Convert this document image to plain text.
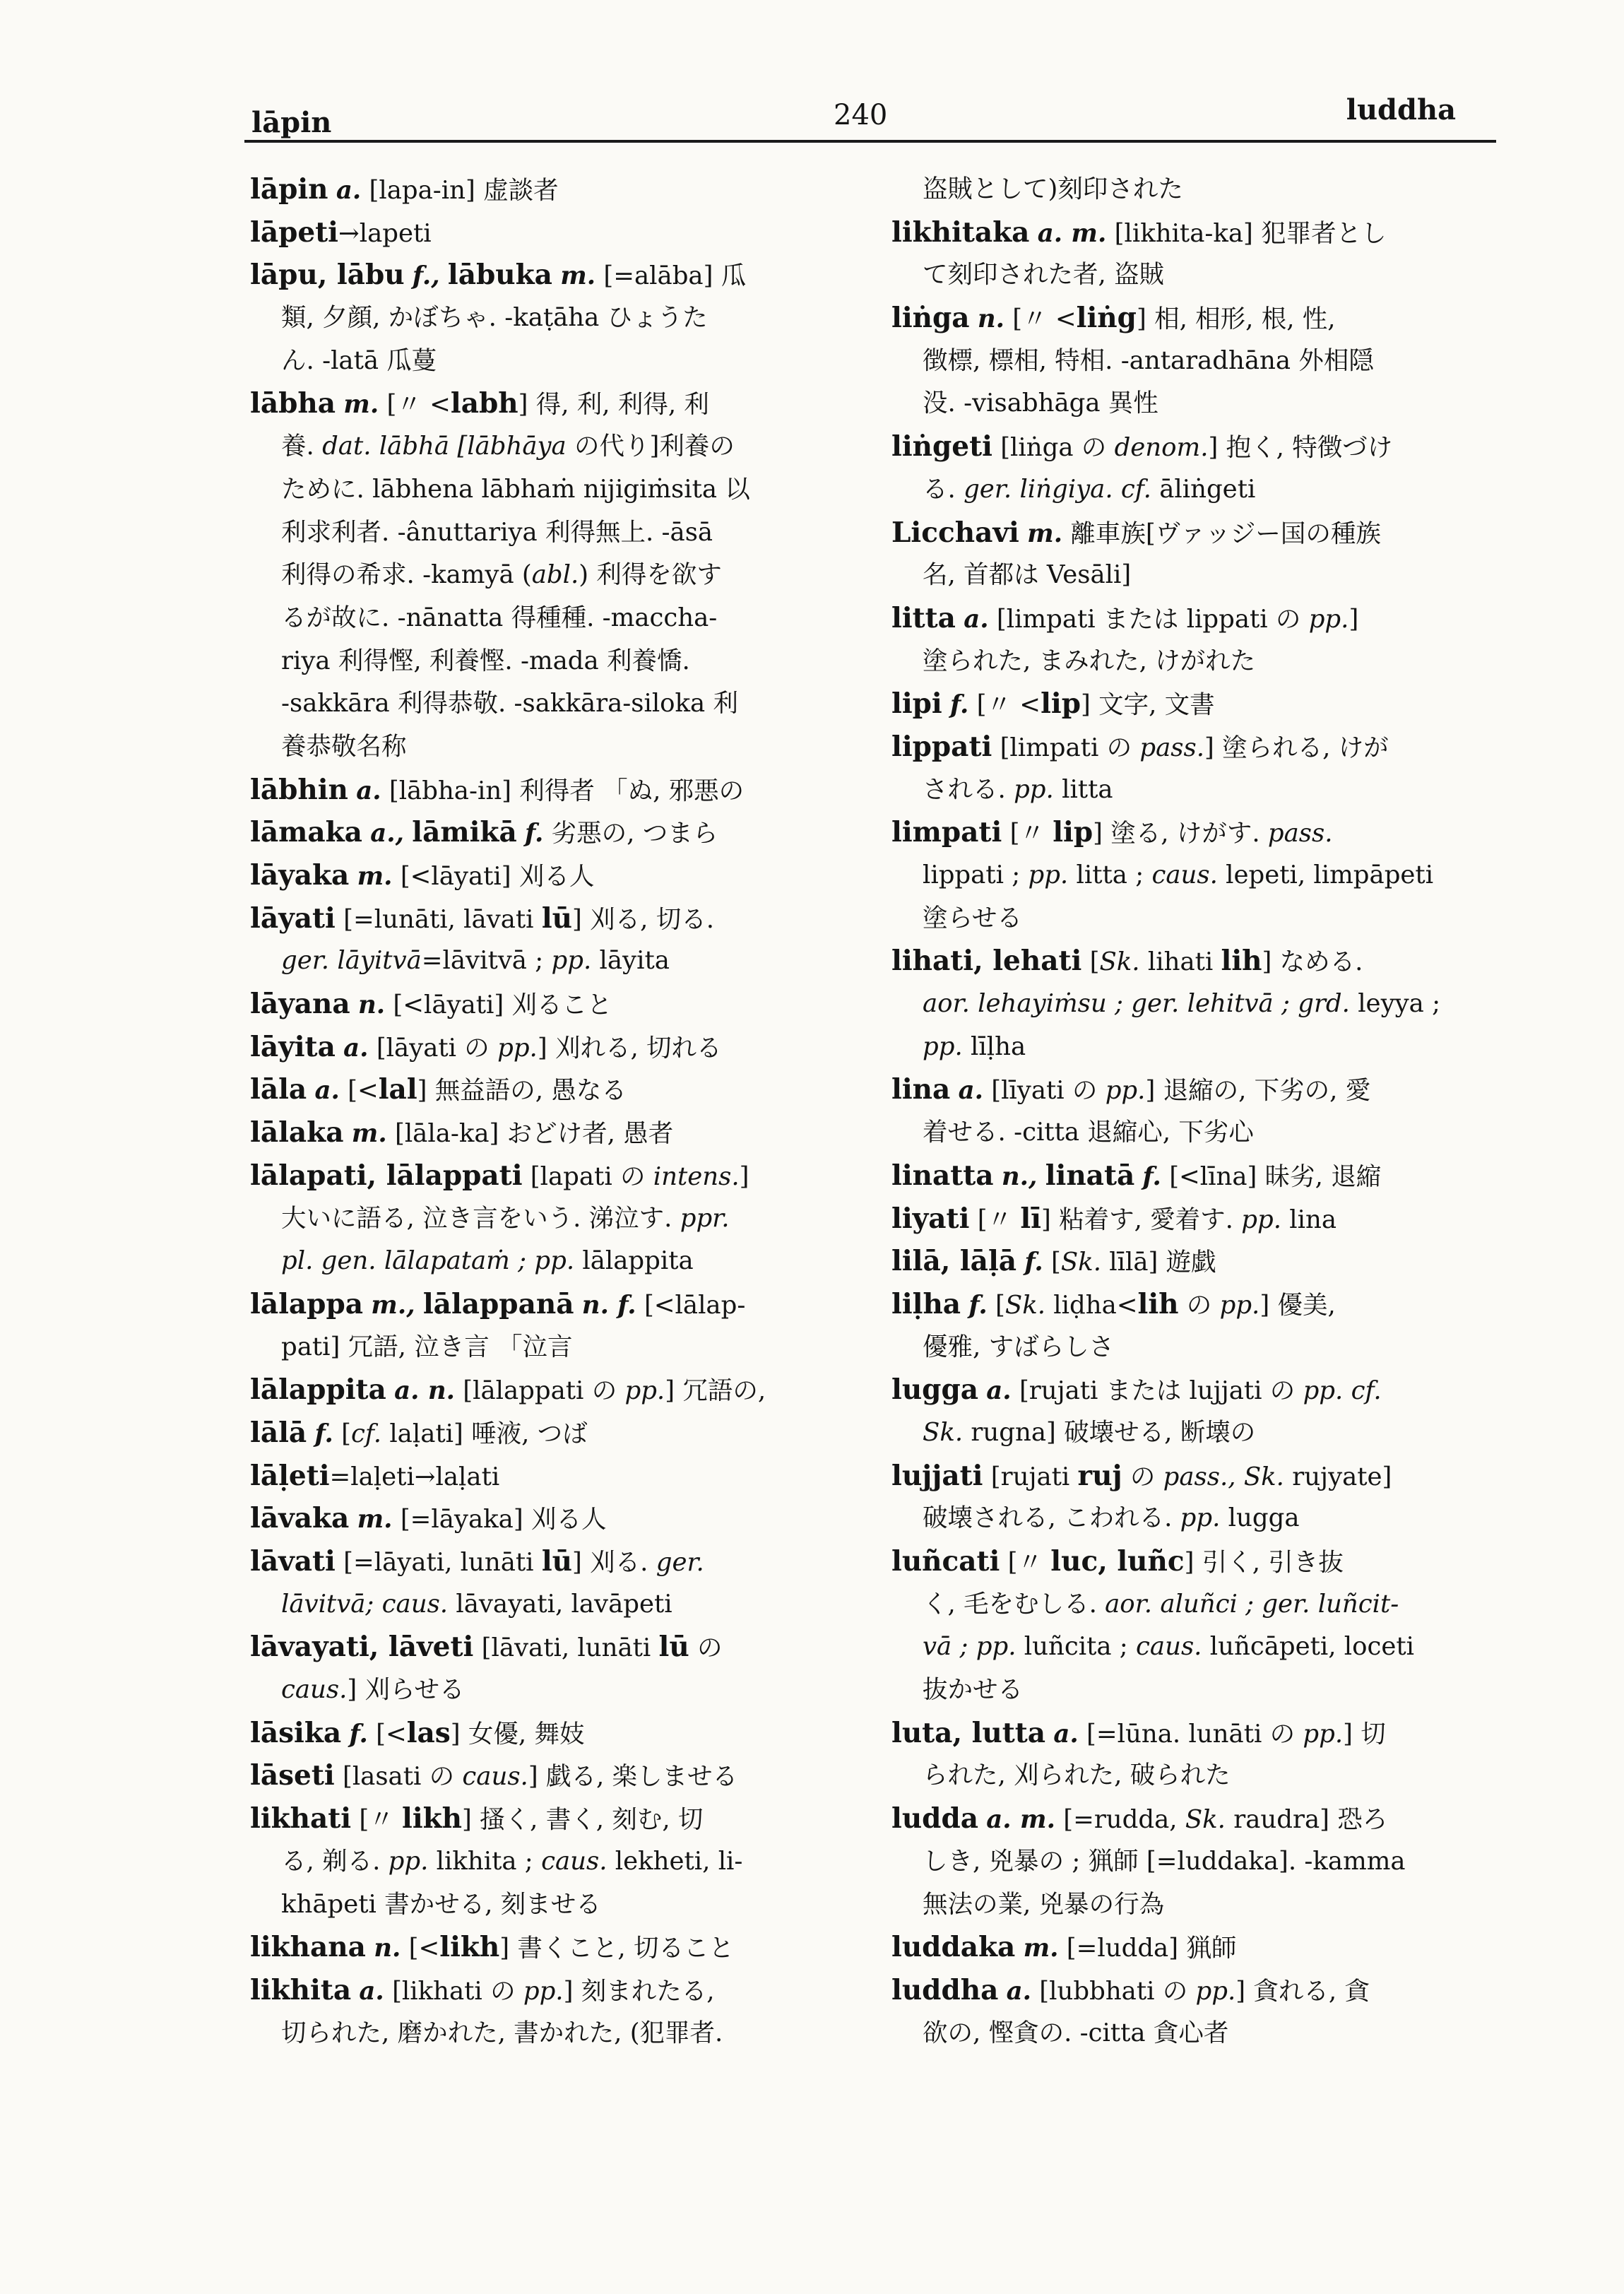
lāpin	240	luddha
lāpin a. [lapa-in] 虚談者
lāpeti→lapeti
lāpu, lābu f., lābuka m. [=alāba] 瓜
類, 夕顔, かぼちゃ. -kaṭāha ひょうた
ん. -latā 瓜蔓
lābha m. [〃 <labh] 得, 利, 利得, 利
養. dat. lābhā [lābhāya の代り]利養の
ために. lābhena lābhaṁ nijigiṁsita 以
利求利者. -ânuttariya 利得無上. -āsā
利得の希求. -kamyā (abl.) 利得を欲す
るが故に. -nānatta 得種種. -maccha-
riya 利得慳, 利養慳. -mada 利養憍.
-sakkāra 利得恭敬. -sakkāra-siloka 利
養恭敬名称
lābhin a. [lābha-in] 利得者 「ぬ, 邪悪の
lāmaka a., lāmikā f. 劣悪の, つまら
lāyaka m. [<lāyati] 刈る人
lāyati [=lunāti, lāvati lū] 刈る, 切る.
ger. lāyitvā=lāvitvā ; pp. lāyita
lāyana n. [<lāyati] 刈ること
lāyita a. [lāyati の pp.] 刈れる, 切れる
lāla a. [<lal] 無益語の, 愚なる
lālaka m. [lāla-ka] おどけ者, 愚者
lālapati, lālappati [lapati の intens.]
大いに語る, 泣き言をいう. 涕泣す. ppr.
pl. gen. lālapataṁ ; pp. lālappita
lālappa m., lālappanā n. f. [<lālap-
pati] 冗語, 泣き言 「泣言
lālappita a. n. [lālappati の pp.] 冗語の,
lālā f. [cf. laḷati] 唾液, つば
lāḷeti=laḷeti→laḷati
lāvaka m. [=lāyaka] 刈る人
lāvati [=lāyati, lunāti lū] 刈る. ger.
lāvitvā; caus. lāvayati, lavāpeti
lāvayati, lāveti [lāvati, lunāti lū の
caus.] 刈らせる
lāsika f. [<las] 女優, 舞妓
lāseti [lasati の caus.] 戯る, 楽しませる
likhati [〃 likh] 搔く, 書く, 刻む, 切
る, 剃る. pp. likhita ; caus. lekheti, li-
khāpeti 書かせる, 刻ませる
likhana n. [<likh] 書くこと, 切ること
likhita a. [likhati の pp.] 刻まれたる,
切られた, 磨かれた, 書かれた, (犯罪者.
盗賊として)刻印された
likhitaka a. m. [likhita-ka] 犯罪者とし
て刻印された者, 盗賊
liṅga n. [〃 <liṅg] 相, 相形, 根, 性,
徴標, 標相, 特相. -antaradhāna 外相隠
没. -visabhāga 異性
liṅgeti [liṅga の denom.] 抱く, 特徴づけ
る. ger. liṅgiya. cf. āliṅgeti
Licchavi m. 離車族[ヴァッジー国の種族
名, 首都は Vesāli]
litta a. [limpati または lippati の pp.]
塗られた, まみれた, けがれた
lipi f. [〃 <lip] 文字, 文書
lippati [limpati の pass.] 塗られる, けが
される. pp. litta
limpati [〃 lip] 塗る, けがす. pass.
lippati ; pp. litta ; caus. lepeti, limpāpeti
塗らせる
lihati, lehati [Sk. lihati lih] なめる.
aor. lehayiṁsu ; ger. lehitvā ; grd. leyya ;
pp. līḷha
lina a. [līyati の pp.] 退縮の, 下劣の, 愛
着せる. -citta 退縮心, 下劣心
linatta n., linatā f. [<līna] 昧劣, 退縮
liyati [〃 lī] 粘着す, 愛着す. pp. lina
lilā, lāḷā f. [Sk. līlā] 遊戯
liḷha f. [Sk. liḍha<lih の pp.] 優美,
優雅, すばらしさ
lugga a. [rujati または lujjati の pp. cf.
Sk. rugna] 破壊せる, 断壊の
lujjati [rujati ruj の pass., Sk. rujyate]
破壊される, こわれる. pp. lugga
luñcati [〃 luc, luñc] 引く, 引き抜
く, 毛をむしる. aor. aluñci ; ger. luñcit-
vā ; pp. luñcita ; caus. luñcāpeti, loceti
抜かせる
luta, lutta a. [=lūna. lunāti の pp.] 切
られた, 刈られた, 破られた
ludda a. m. [=rudda, Sk. raudra] 恐ろ
しき, 兇暴の ; 猟師 [=luddaka]. -kamma
無法の業, 兇暴の行為
luddaka m. [=ludda] 猟師
luddha a. [lubbhati の pp.] 貪れる, 貪
欲の, 慳貪の. -citta 貪心者
